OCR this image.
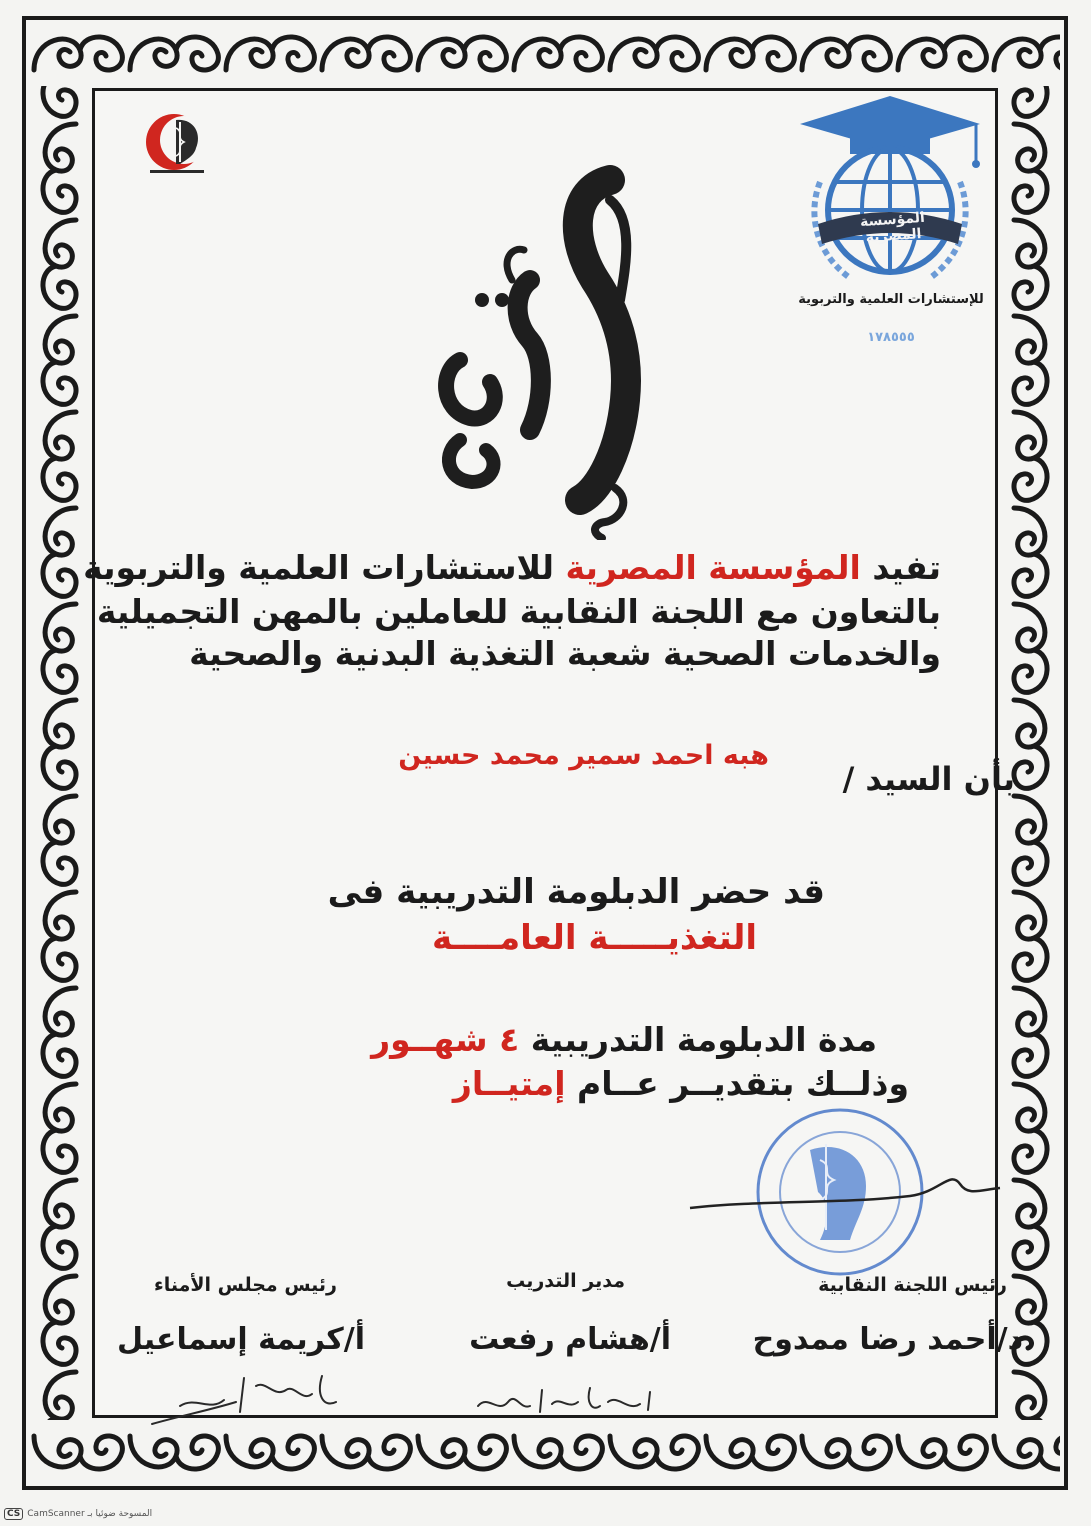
المؤسسة المصرية
للإستشارات العلمية والتربوية
١٧٨٥٥٥
تفيد المؤسسة المصرية للاستشارات العلمية والتربوية
بالتعاون مع اللجنة النقابية للعاملين بالمهن التجميلية
والخدمات الصحية شعبة التغذية البدنية والصحية
بأن السيد /
هبه احمد سمير محمد حسين
قد حضر الدبلومة التدريبية فى
التغذيـــــة العامــــة
مدة الدبلومة التدريبية ٤ شهــور
وذلــك بتقديــر عــام إمتيــاز
رئيس اللجنة النقابية
د/أحمد رضا ممدوح
مدير التدريب
أ/هشام رفعت
رئيس مجلس الأمناء
أ/كريمة إسماعيل
CS CamScanner المسوحة ضوئيا بـ
